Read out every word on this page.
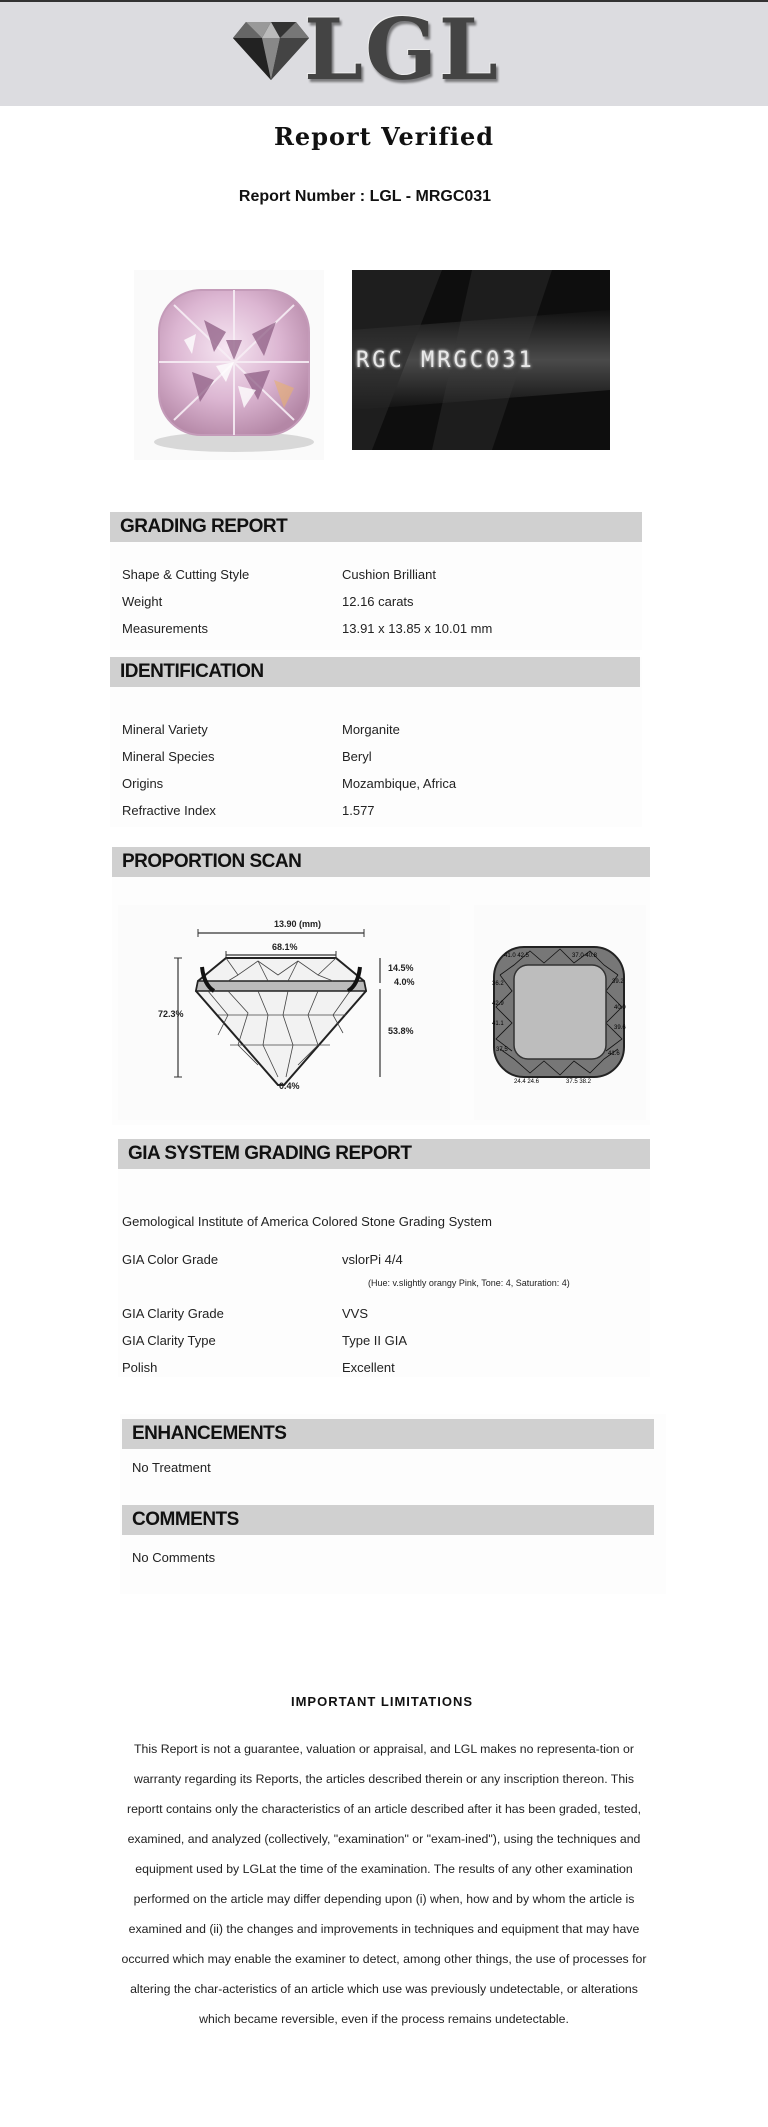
LGL
Report Verified
Report Number : LGL - MRGC031
RGC MRGC031
GRADING REPORT
Shape & Cutting Style	Cushion Brilliant
Weight	12.16 carats
Measurements	13.91 x 13.85 x 10.01 mm
IDENTIFICATION
Mineral Variety	Morganite
Mineral Species	Beryl
Origins	Mozambique, Africa
Refractive Index	1.577
PROPORTION SCAN
13.90 (mm)
68.1%
72.3%
14.5%
4.0%
53.8%
0.4%
41.0 42.5	37.0 40.8
36.2	39.2
42.9
40.0
41.1
39.6
37.5
41.6
24.4 24.6	37.5 38.2
GIA SYSTEM GRADING REPORT
Gemological Institute of America Colored Stone Grading System
GIA Color Grade	vslorPi 4/4
(Hue: v.slightly orangy Pink, Tone: 4, Saturation: 4)
GIA Clarity Grade	VVS
GIA Clarity Type	Type II GIA
Polish	Excellent
ENHANCEMENTS
COMMENTS
No Treatment
No Comments
IMPORTANT LIMITATIONS
This Report is not a guarantee, valuation or appraisal, and LGL makes no representa-tion or warranty regarding its Reports, the articles described therein or any inscription thereon. This reportt contains only the characteristics of an article described after it has been graded, tested, examined, and analyzed (collectively, "examination" or "exam-ined"), using the techniques and equipment used by LGLat the time of the examination. The results of any other examination performed on the article may differ depending upon (i) when, how and by whom the article is examined and (ii) the changes and improvements in techniques and equipment that may have occurred which may enable the examiner to detect, among other things, the use of processes for altering the char-acteristics of an article which use was previously undetectable, or alterations which became reversible, even if the process remains undetectable.
